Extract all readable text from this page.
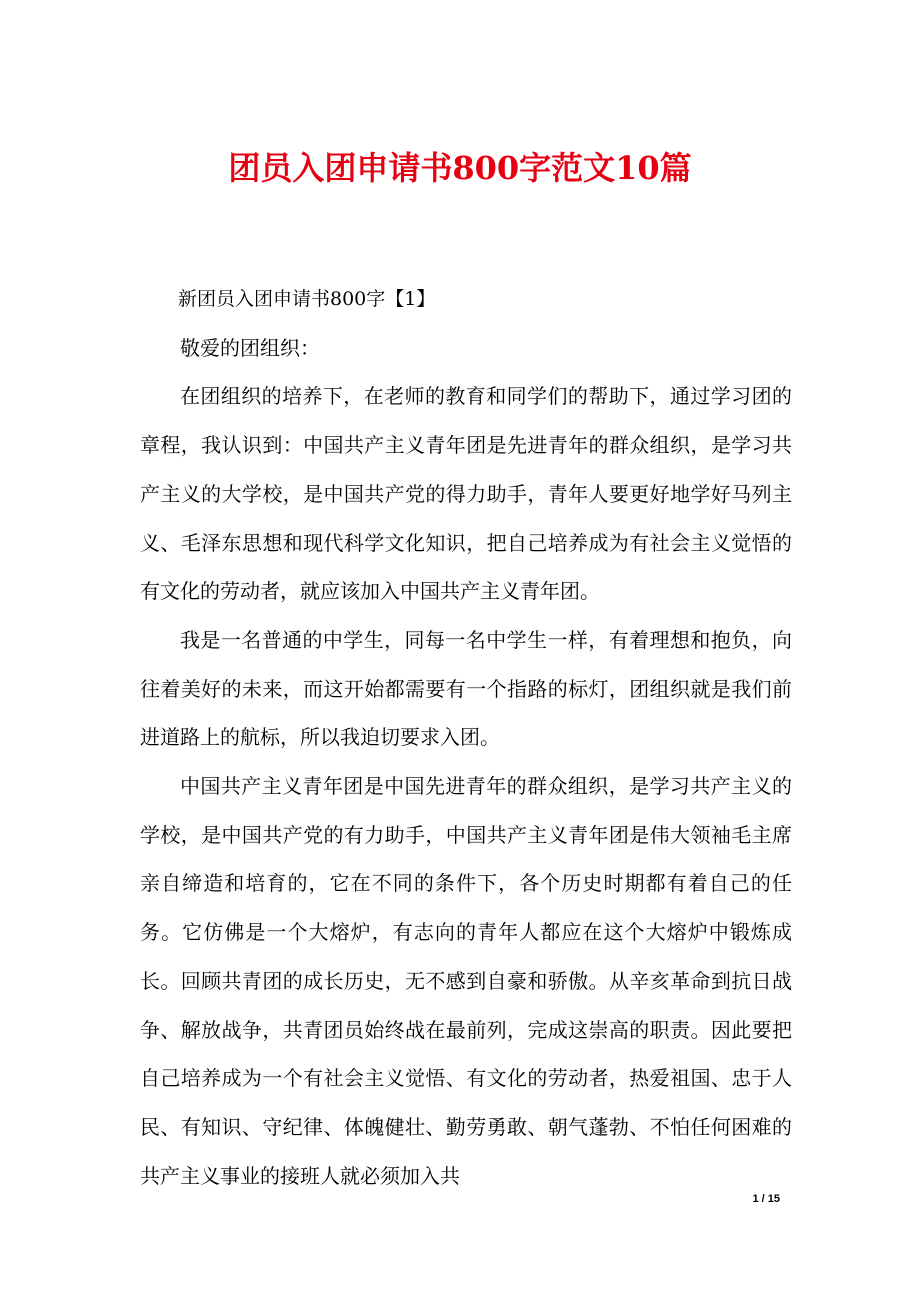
团员入团申请书800字范文10篇

新团员入团申请书800字【1】

敬爱的团组织：

在团组织的培养下，在老师的教育和同学们的帮助下，通过学习团的章程，我认识到：中国共产主义青年团是先进青年的群众组织，是学习共产主义的大学校，是中国共产党的得力助手，青年人要更好地学好马列主义、毛泽东思想和现代科学文化知识，把自己培养成为有社会主义觉悟的有文化的劳动者，就应该加入中国共产主义青年团。

我是一名普通的中学生，同每一名中学生一样，有着理想和抱负，向往着美好的未来，而这开始都需要有一个指路的标灯，团组织就是我们前进道路上的航标，所以我迫切要求入团。

中国共产主义青年团是中国先进青年的群众组织，是学习共产主义的学校，是中国共产党的有力助手，中国共产主义青年团是伟大领袖毛主席亲自缔造和培育的，它在不同的条件下，各个历史时期都有着自己的任务。它仿佛是一个大熔炉，有志向的青年人都应在这个大熔炉中锻炼成长。回顾共青团的成长历史，无不感到自豪和骄傲。从辛亥革命到抗日战争、解放战争，共青团员始终战在最前列，完成这崇高的职责。因此要把自己培养成为一个有社会主义觉悟、有文化的劳动者，热爱祖国、忠于人民、有知识、守纪律、体魄健壮、勤劳勇敢、朝气蓬勃、不怕任何困难的共产主义事业的接班人就必须加入共

1 / 15
